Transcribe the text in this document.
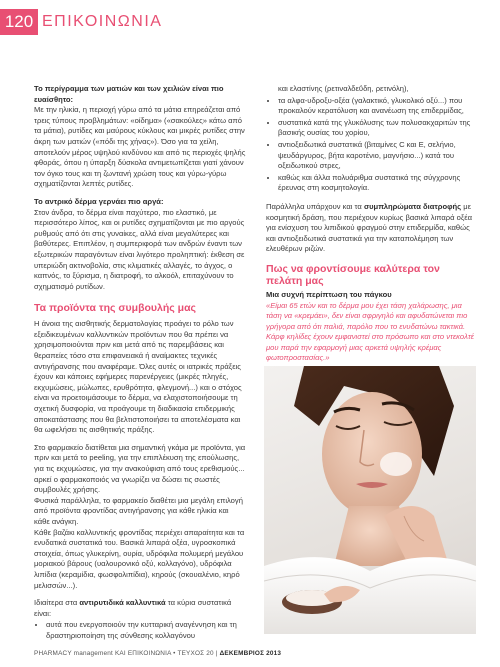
120 ΕΠΙΚΟΙΝΩΝΙΑ

Το περίγραμμα των ματιών και των χειλιών είναι πιο ευαίσθητο:

Με την ηλικία, η περιοχή γύρω από τα μάτια επηρεάζεται από τρεις τύπους προβλημάτων: «οίδημα» («σακούλες» κάτω από τα μάτια), ρυτίδες και μαύρους κύκλους και μικρές ρυτίδες στην άκρη των ματιών («πόδι της χήνας»). Όσο για τα χείλη, αποτελούν μέρος υψηλού κινδύνου και από τις περιοχές ψηλής φθοράς, όπου η ύπαρξη δύσκολα αντιμετωπίζεται γιατί χάνουν τον όγκο τους και τη ζωντανή χρώση τους και γύρω-γύρω σχηματίζονται λεπτές ρυτίδες.

Το αντρικό δέρμα γερνάει πιο αργά:

Στον άνδρα, το δέρμα είναι παχύτερο, πιο ελαστικό, με περισσότερο λίπος, και οι ρυτίδες σχηματίζονται με πιο αργούς ρυθμούς από ότι στις γυναίκες, αλλά είναι μεγαλύτερες και βαθύτερες. Επιπλέον, η συμπεριφορά των ανδρών έναντι των εξωτερικών παραγόντων είναι λιγότερο προληπτική: έκθεση σε υπεριώδη ακτινοβολία, στις κλιματικές αλλαγές, το άγχος, ο καπνός, το ξύρισμα, η διατροφή, το αλκοόλ, επιταχύνουν το σχηματισμό ρυτίδων.

Τα προϊόντα της συμβουλής μας

Η άνοια της αισθητικής δερματολογίας προάγει το ρόλο των εξειδικευμένων καλλυντικών προϊόντων που θα πρέπει να χρησιμοποιούνται πριν και μετά από τις παρεμβάσεις και θεραπείες τόσο στα επιφανειακά ή αναίμακτες τεχνικές αντιγήρανσης που αναφέραμε. Όλες αυτές οι ιατρικές πράξεις έχουν και κάποιες εφήμερες παρενέργειες (μικρές πληγές, εκχυμώσεις, μώλωπες, ερυθρότητα, φλεγμονή...) και ο στόχος είναι να προετοιμάσουμε το δέρμα, να ελαχιστοποιήσουμε τη σχετική δυσφορία, να προάγουμε τη διαδικασία επιδερμικής αποκατάστασης που θα βελτιστοποιήσει τα αποτελέσματα και θα ωφελήσει τις αισθητικής πράξης.

Στο φαρμακείο διατίθεται μια σημαντική γκάμα με προϊόντα, για πριν και μετά το peeling, για την επιπλέκυση της επούλωσης, για τις εκχυμώσεις, για την ανακούφιση από τους ερεθισμούς... αρκεί ο φαρμακοποιός να γνωρίζει να δώσει τις σωστές συμβουλές χρήσης.

Φυσικά παράλληλα, το φαρμακείο διαθέτει μια μεγάλη επιλογή από προϊόντα φροντίδας αντιγήρανσης για κάθε ηλικία και κάθε ανάγκη.

Κάθε βαζάκι καλλυντικής φροντίδας περιέχει απαραίτητα και τα ενυδατικά συστατικά του. Βασικά λιπαρά οξέα, υγροσκοπικά στοιχεία, όπως γλυκερίνη, ουρία, υδρόφιλα πολυμερή μεγάλου μοριακού βάρους (υαλουρονικό οξύ, κολλαγόνο), υδρόφιλα λιπίδια (κεραμίδια, φωσφολιπίδια), κηρούς (σκουαλένιο, κηρό μελισσών...).

Ιδιαίτερα στα αντιρυτιδικά καλλυντικά τα κύρια συστατικά είναι:

• αυτά που ενεργοποιούν την κυτταρική αναγέννηση και τη δραστηριοποίηση της σύνθεσης κολλαγόνου

και ελαστίνης (ρετιναλδεΰδη, ρετινόλη),

• τα αλφα-υδροξυ-οξέα (γαλακτικό, γλυκολικό οξύ...) που προκαλούν κερατόλυση και ανανέωση της επιδερμίδας,
• συστατικά κατά της γλυκόλυσης των πολυσακχαριτών της βασικής ουσίας του χορίου,
• αντιοξειδωτικά συστατικά (βιταμίνες C και E, σελήνιο, ψευδάργυρος, βήτα καροτένιο, μαγνήσιο...) κατά του οξειδωτικού στρες,
• καθώς και άλλα πολυάριθμα συστατικά της σύγχρονης έρευνας στη κοσμητολογία.

Παράλληλα υπάρχουν και τα συμπληρώματα διατροφής με κοσμητική δράση, που περιέχουν κυρίως βασικά λιπαρά οξέα για ενίσχυση του λιπιδικού φραγμού στην επιδερμίδα, καθώς και αντιοξειδωτικά συστατικά για την καταπολέμηση των ελευθέρων ριζών.

Πως να φροντίσουμε καλύτερα τον πελάτη μας

Μια συχνή περίπτωση του πάγκου

«Είμαι 65 ετών και το δέρμα μου έχει τάση χαλάρωσης, μια τάση να «κρεμάει», δεν είναι σφριγηλό και αφυδατώνεται πιο γρήγορα από ότι παλιά, παρόλο που το ενυδατώνω τακτικά. Κάρφ κηλίδες έχουν εμφανιστεί στο πρόσωπο και στο ντεκολτέ μου παρά την εφαρμογή μιας αρκετά υψηλής κρέμας φωτοπροστασίας.»

PHARMACY management ΚΑΙ ΕΠΙΚΟΙΝΩΝΙΑ • ΤΕΥΧΟΣ 20 | ΔΕΚΕΜΒΡΙΟΣ 2013
